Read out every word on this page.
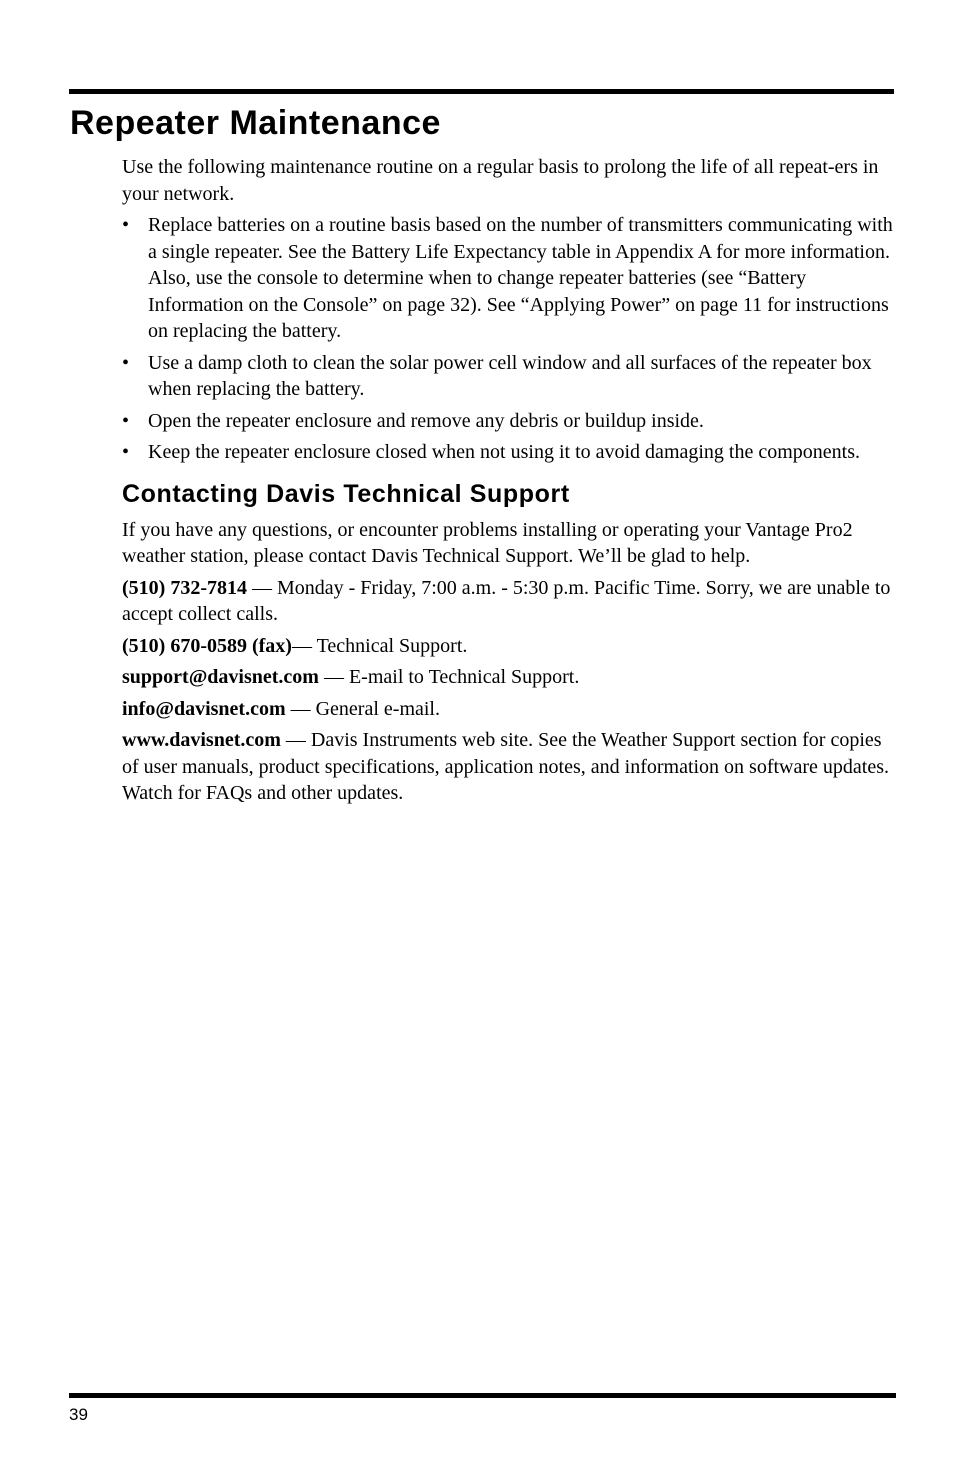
Repeater Maintenance

Use the following maintenance routine on a regular basis to prolong the life of all repeat-ers in your network.

• Replace batteries on a routine basis based on the number of transmitters communicating with a single repeater. See the Battery Life Expectancy table in Appendix A for more information. Also, use the console to determine when to change repeater batteries (see “Battery Information on the Console” on page 32). See “Applying Power” on page 11 for instructions on replacing the battery.
• Use a damp cloth to clean the solar power cell window and all surfaces of the repeater box when replacing the battery.
• Open the repeater enclosure and remove any debris or buildup inside.
• Keep the repeater enclosure closed when not using it to avoid damaging the components.
Contacting Davis Technical Support

If you have any questions, or encounter problems installing or operating your Vantage Pro2 weather station, please contact Davis Technical Support. We’ll be glad to help.

(510) 732-7814 — Monday - Friday, 7:00 a.m. - 5:30 p.m. Pacific Time. Sorry, we are unable to accept collect calls.

(510) 670-0589 (fax)— Technical Support.

support@davisnet.com — E-mail to Technical Support.

info@davisnet.com — General e-mail.

www.davisnet.com — Davis Instruments web site. See the Weather Support section for copies of user manuals, product specifications, application notes, and information on software updates. Watch for FAQs and other updates.

39
